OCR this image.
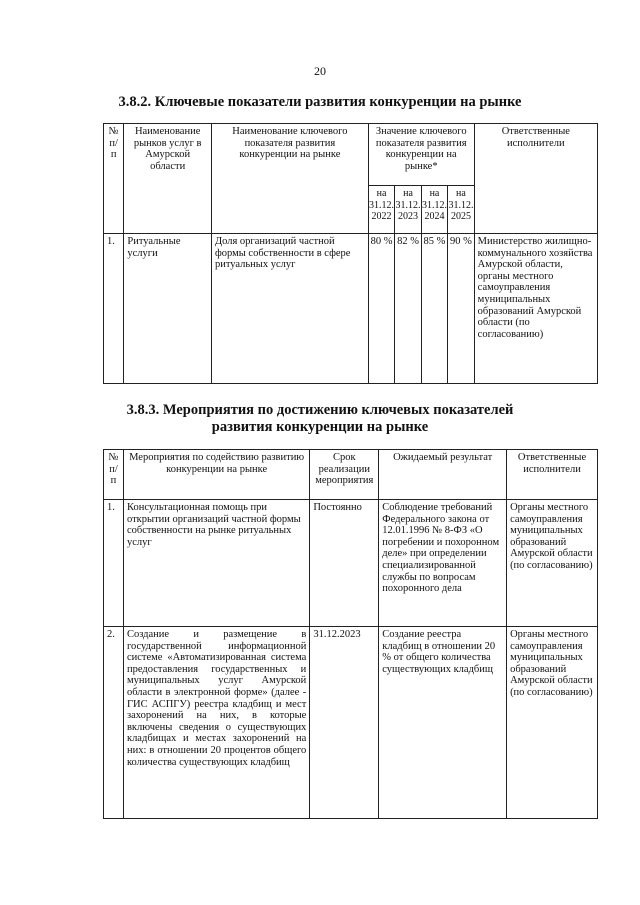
20
3.8.2. Ключевые показатели развития конкуренции на рынке
№ п/п	Наименование рынков услуг в Амурской области	Наименование ключевого показателя развития конкуренции на рынке	Значение ключевого показателя развития конкуренции на рынке*				Ответственные исполнители
			на 31.12. 2022	на 31.12. 2023	на 31.12. 2024	на 31.12. 2025	
1.	Ритуальные услуги	Доля организаций частной формы собственности в сфере ритуальных услуг	80 %	82 %	85 %	90 %	Министерство жилищно-коммунального хозяйства Амурской области, органы местного самоуправления муниципальных образований Амурской области (по согласованию)
3.8.3. Мероприятия по достижению ключевых показателей
развития конкуренции на рынке
№ п/п	Мероприятия по содействию развитию конкуренции на рынке	Срок реализации мероприятия	Ожидаемый результат	Ответственные исполнители
1.	Консультационная помощь при открытии организаций частной формы собственности на рынке ритуальных услуг	Постоянно	Соблюдение требований Федерального закона от 12.01.1996 № 8-ФЗ «О погребении и похоронном деле» при определении специализированной службы по вопросам похоронного дела	Органы местного самоуправления муниципальных образований Амурской области (по согласованию)
2.	Создание и размещение в государственной информационной системе «Автоматизированная система предоставления государственных и муниципальных услуг Амурской области в электронной форме» (далее - ГИС АСПГУ) реестра кладбищ и мест захоронений на них, в которые включены сведения о существующих кладбищах и местах захоронений на них: в отношении 20 процентов общего количества существующих кладбищ	31.12.2023	Создание реестра кладбищ в отношении 20 % от общего количества существующих кладбищ	Органы местного самоуправления муниципальных образований Амурской области (по согласованию)
